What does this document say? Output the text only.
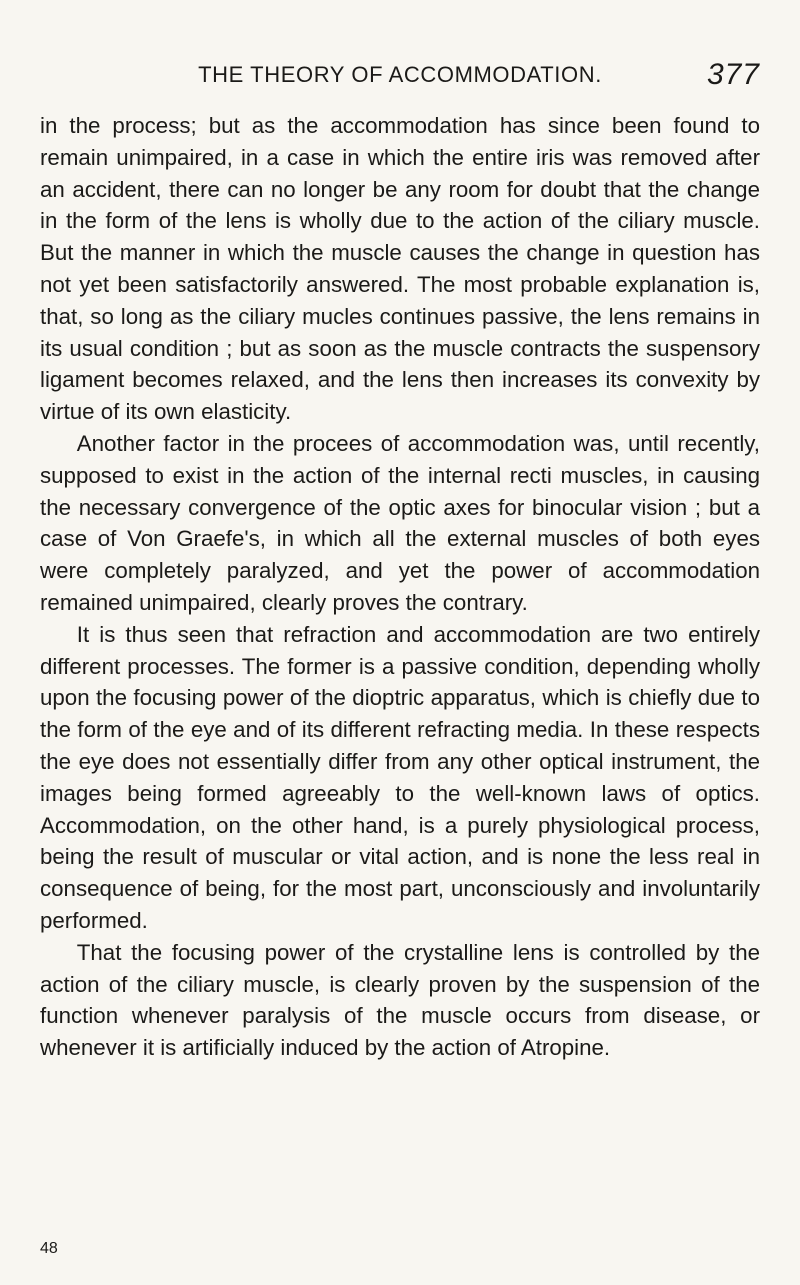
THE THEORY OF ACCOMMODATION.	377

in the process; but as the accommodation has since been found to remain unimpaired, in a case in which the entire iris was removed after an accident, there can no longer be any room for doubt that the change in the form of the lens is wholly due to the action of the ciliary muscle. But the manner in which the muscle causes the change in question has not yet been satisfactorily answered. The most probable explanation is, that, so long as the ciliary mucles continues passive, the lens remains in its usual condition ; but as soon as the muscle contracts the suspensory ligament becomes relaxed, and the lens then increases its convexity by virtue of its own elasticity.

Another factor in the procees of accommodation was, until recently, supposed to exist in the action of the internal recti muscles, in causing the necessary convergence of the optic axes for binocular vision ; but a case of Von Graefe's, in which all the external muscles of both eyes were completely paralyzed, and yet the power of accommodation remained unimpaired, clearly proves the contrary.

It is thus seen that refraction and accommodation are two entirely different processes. The former is a passive condition, depending wholly upon the focusing power of the dioptric apparatus, which is chiefly due to the form of the eye and of its different refracting media. In these respects the eye does not essentially differ from any other optical instrument, the images being formed agreeably to the well-known laws of optics. Accommodation, on the other hand, is a purely physiological process, being the result of muscular or vital action, and is none the less real in consequence of being, for the most part, unconsciously and involuntarily performed.

That the focusing power of the crystalline lens is controlled by the action of the ciliary muscle, is clearly proven by the suspension of the function whenever paralysis of the muscle occurs from disease, or whenever it is artificially induced by the action of Atropine.

48
